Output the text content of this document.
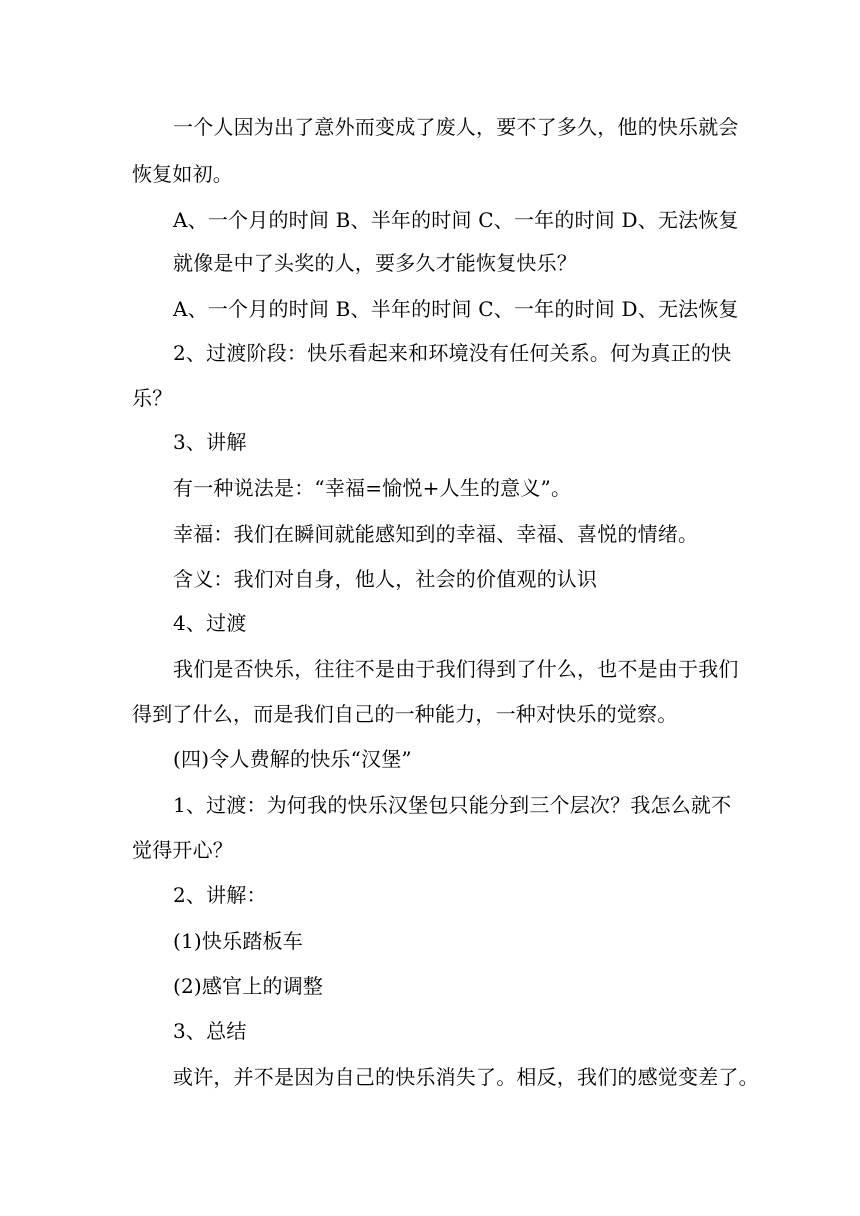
一个人因为出了意外而变成了废人，要不了多久，他的快乐就会
恢复如初。
A、一个月的时间 B、半年的时间 C、一年的时间 D、无法恢复
就像是中了头奖的人，要多久才能恢复快乐？
A、一个月的时间 B、半年的时间 C、一年的时间 D、无法恢复
2、过渡阶段：快乐看起来和环境没有任何关系。何为真正的快
乐？
3、讲解
有一种说法是：“幸福=愉悦+人生的意义”。
幸福：我们在瞬间就能感知到的幸福、幸福、喜悦的情绪。
含义：我们对自身，他人，社会的价值观的认识
4、过渡
我们是否快乐，往往不是由于我们得到了什么，也不是由于我们
得到了什么，而是我们自己的一种能力，一种对快乐的觉察。
(四)令人费解的快乐“汉堡”
1、过渡：为何我的快乐汉堡包只能分到三个层次？我怎么就不
觉得开心？
2、讲解：
(1)快乐踏板车
(2)感官上的调整
3、总结
或许，并不是因为自己的快乐消失了。相反，我们的感觉变差了。
